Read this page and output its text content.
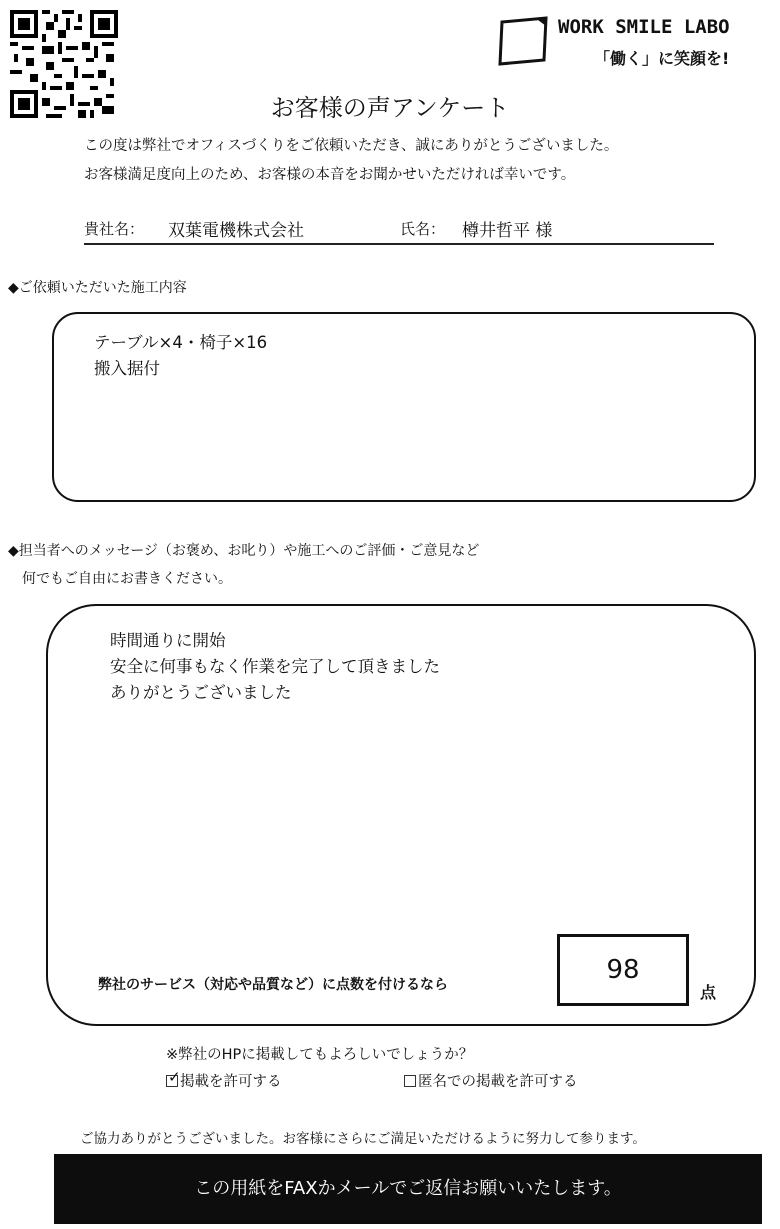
WORK SMILE LABO
「働く」に笑顔を!
お客様の声アンケート
この度は弊社でオフィスづくりをご依頼いただき、誠にありがとうございました。
お客様満足度向上のため、お客様の本音をお聞かせいただければ幸いです。
貴社名： 双葉電機株式会社	氏名： 樽井哲平 様
◆ご依頼いただいた施工内容
テーブル×4・椅子×16
搬入据付
◆担当者へのメッセージ（お褒め、お叱り）や施工へのご評価・ご意見など
何でもご自由にお書きください。
時間通りに開始
安全に何事もなく作業を完了して頂きました
ありがとうございました
弊社のサービス（対応や品質など）に点数を付けるなら	98
点
※弊社のHPに掲載してもよろしいでしょうか？
✓ 掲載を許可する	匿名での掲載を許可する
ご協力ありがとうございました。お客様にさらにご満足いただけるように努力して参ります。
この用紙をFAXかメールでご返信お願いいたします。
